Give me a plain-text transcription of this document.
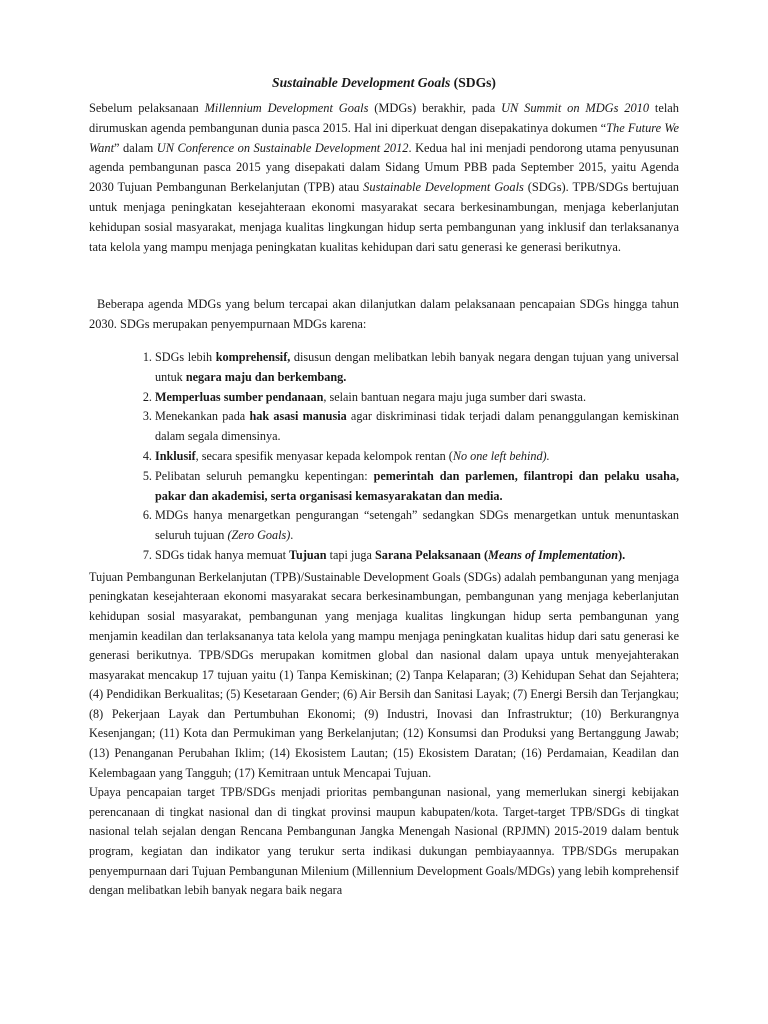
Sustainable Development Goals (SDGs)

Sebelum pelaksanaan Millennium Development Goals (MDGs) berakhir, pada UN Summit on MDGs 2010 telah dirumuskan agenda pembangunan dunia pasca 2015. Hal ini diperkuat dengan disepakatinya dokumen “The Future We Want” dalam UN Conference on Sustainable Development 2012. Kedua hal ini menjadi pendorong utama penyusunan agenda pembangunan pasca 2015 yang disepakati dalam Sidang Umum PBB pada September 2015, yaitu Agenda 2030 Tujuan Pembangunan Berkelanjutan (TPB) atau Sustainable Development Goals (SDGs). TPB/SDGs bertujuan untuk menjaga peningkatan kesejahteraan ekonomi masyarakat secara berkesinambungan, menjaga keberlanjutan kehidupan sosial masyarakat, menjaga kualitas lingkungan hidup serta pembangunan yang inklusif dan terlaksananya tata kelola yang mampu menjaga peningkatan kualitas kehidupan dari satu generasi ke generasi berikutnya.

Beberapa agenda MDGs yang belum tercapai akan dilanjutkan dalam pelaksanaan pencapaian SDGs hingga tahun 2030. SDGs merupakan penyempurnaan MDGs karena:

1. SDGs lebih komprehensif, disusun dengan melibatkan lebih banyak negara dengan tujuan yang universal untuk negara maju dan berkembang.
2. Memperluas sumber pendanaan, selain bantuan negara maju juga sumber dari swasta.
3. Menekankan pada hak asasi manusia agar diskriminasi tidak terjadi dalam penanggulangan kemiskinan dalam segala dimensinya.
4. Inklusif, secara spesifik menyasar kepada kelompok rentan (No one left behind).
5. Pelibatan seluruh pemangku kepentingan: pemerintah dan parlemen, filantropi dan pelaku usaha, pakar dan akademisi, serta organisasi kemasyarakatan dan media.
6. MDGs hanya menargetkan pengurangan “setengah” sedangkan SDGs menargetkan untuk menuntaskan seluruh tujuan (Zero Goals).
7. SDGs tidak hanya memuat Tujuan tapi juga Sarana Pelaksanaan (Means of Implementation).

Tujuan Pembangunan Berkelanjutan (TPB)/Sustainable Development Goals (SDGs) adalah pembangunan yang menjaga peningkatan kesejahteraan ekonomi masyarakat secara berkesinambungan, pembangunan yang menjaga keberlanjutan kehidupan sosial masyarakat, pembangunan yang menjaga kualitas lingkungan hidup serta pembangunan yang menjamin keadilan dan terlaksananya tata kelola yang mampu menjaga peningkatan kualitas hidup dari satu generasi ke generasi berikutnya. TPB/SDGs merupakan komitmen global dan nasional dalam upaya untuk menyejahterakan masyarakat mencakup 17 tujuan yaitu (1) Tanpa Kemiskinan; (2) Tanpa Kelaparan; (3) Kehidupan Sehat dan Sejahtera; (4) Pendidikan Berkualitas; (5) Kesetaraan Gender; (6) Air Bersih dan Sanitasi Layak; (7) Energi Bersih dan Terjangkau; (8) Pekerjaan Layak dan Pertumbuhan Ekonomi; (9) Industri, Inovasi dan Infrastruktur; (10) Berkurangnya Kesenjangan; (11) Kota dan Permukiman yang Berkelanjutan; (12) Konsumsi dan Produksi yang Bertanggung Jawab; (13) Penanganan Perubahan Iklim; (14) Ekosistem Lautan; (15) Ekosistem Daratan; (16) Perdamaian, Keadilan dan Kelembagaan yang Tangguh; (17) Kemitraan untuk Mencapai Tujuan.

Upaya pencapaian target TPB/SDGs menjadi prioritas pembangunan nasional, yang memerlukan sinergi kebijakan perencanaan di tingkat nasional dan di tingkat provinsi maupun kabupaten/kota. Target-target TPB/SDGs di tingkat nasional telah sejalan dengan Rencana Pembangunan Jangka Menengah Nasional (RPJMN) 2015-2019 dalam bentuk program, kegiatan dan indikator yang terukur serta indikasi dukungan pembiayaannya. TPB/SDGs merupakan penyempurnaan dari Tujuan Pembangunan Milenium (Millennium Development Goals/MDGs) yang lebih komprehensif dengan melibatkan lebih banyak negara baik negara
